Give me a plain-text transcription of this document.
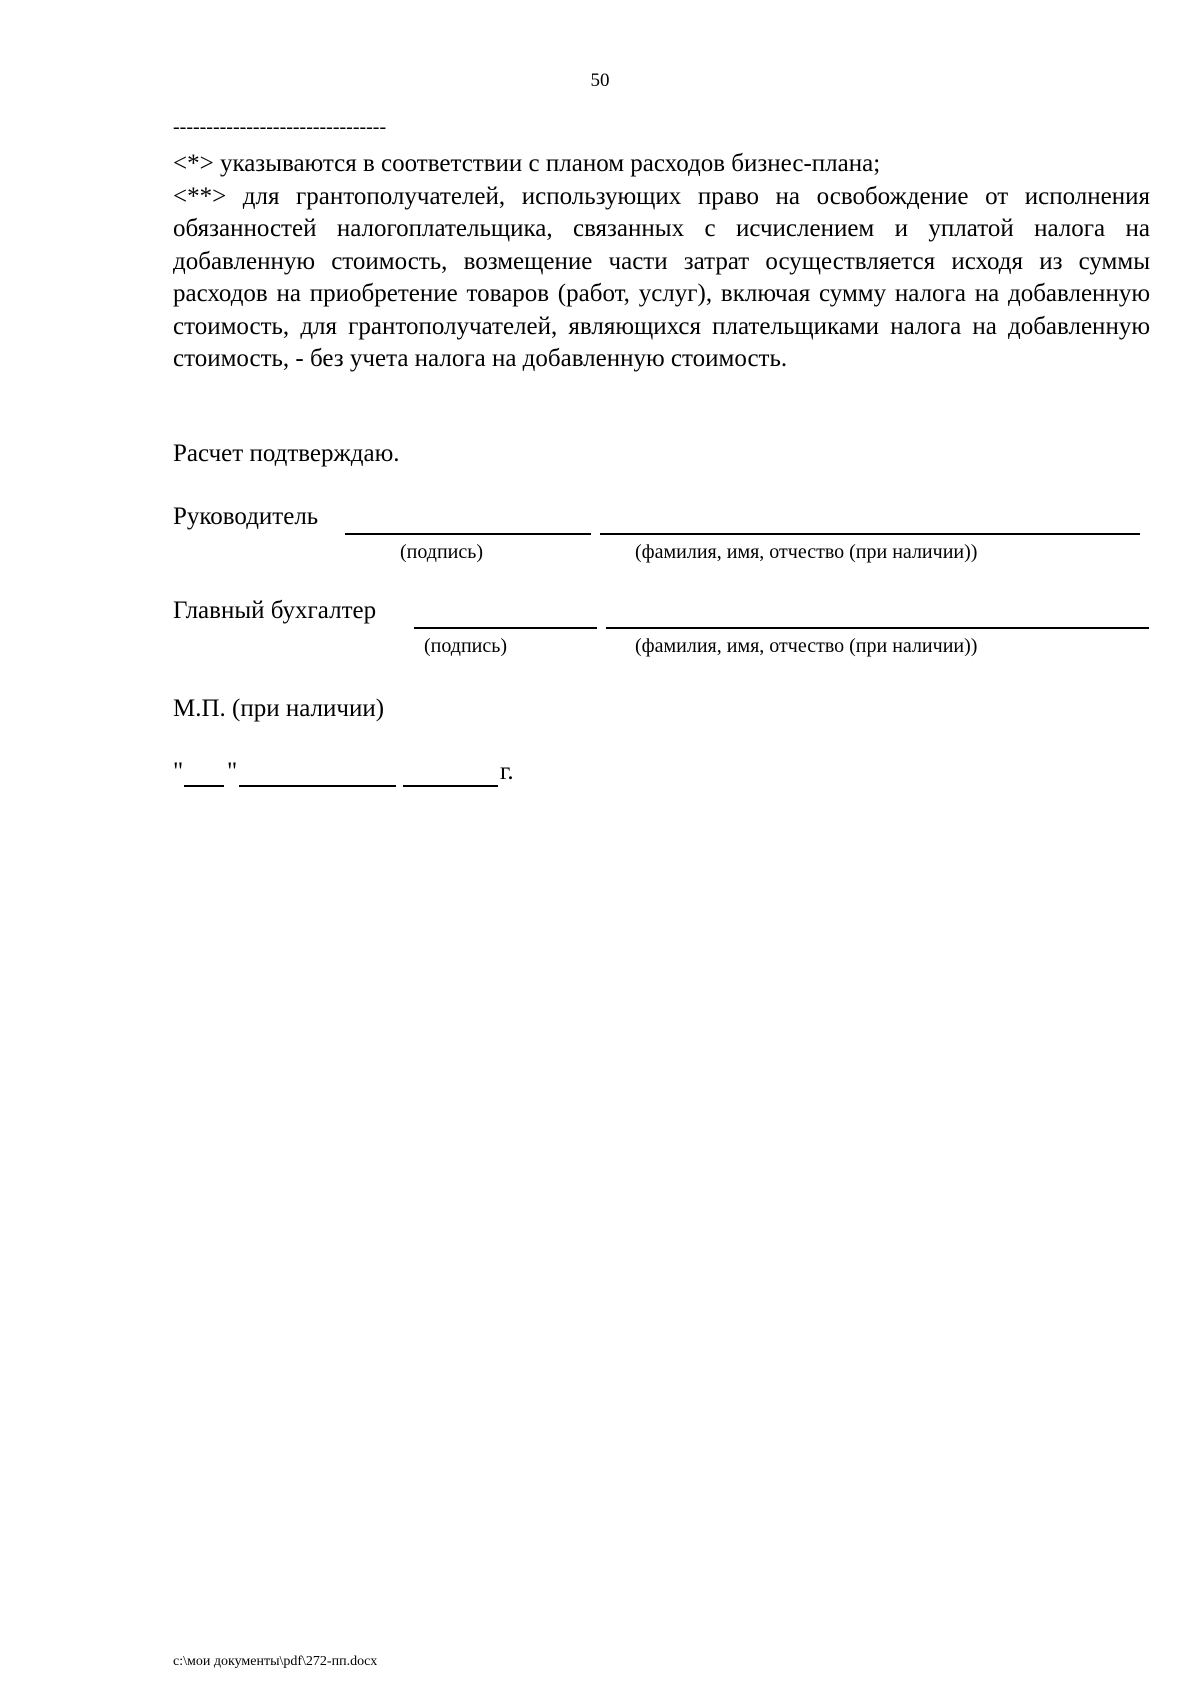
50
--------------------------------

<*> указываются в соответствии с планом расходов бизнес-плана;

<**> для грантополучателей, использующих право на освобождение от исполнения обязанностей налогоплательщика, связанных с исчислением и уплатой налога на добавленную стоимость, возмещение части затрат осуществляется исходя из суммы расходов на приобретение товаров (работ, услуг), включая сумму налога на добавленную стоимость, для грантополучателей, являющихся плательщиками налога на добавленную стоимость, - без учета налога на добавленную стоимость.

Расчет подтверждаю.
Руководитель
(подпись)	(фамилия, имя, отчество (при наличии))
Главный бухгалтер
(подпись)	(фамилия, имя, отчество (при наличии))
М.П. (при наличии)
" "	г.
c:\мои документы\pdf\272-пп.docx
